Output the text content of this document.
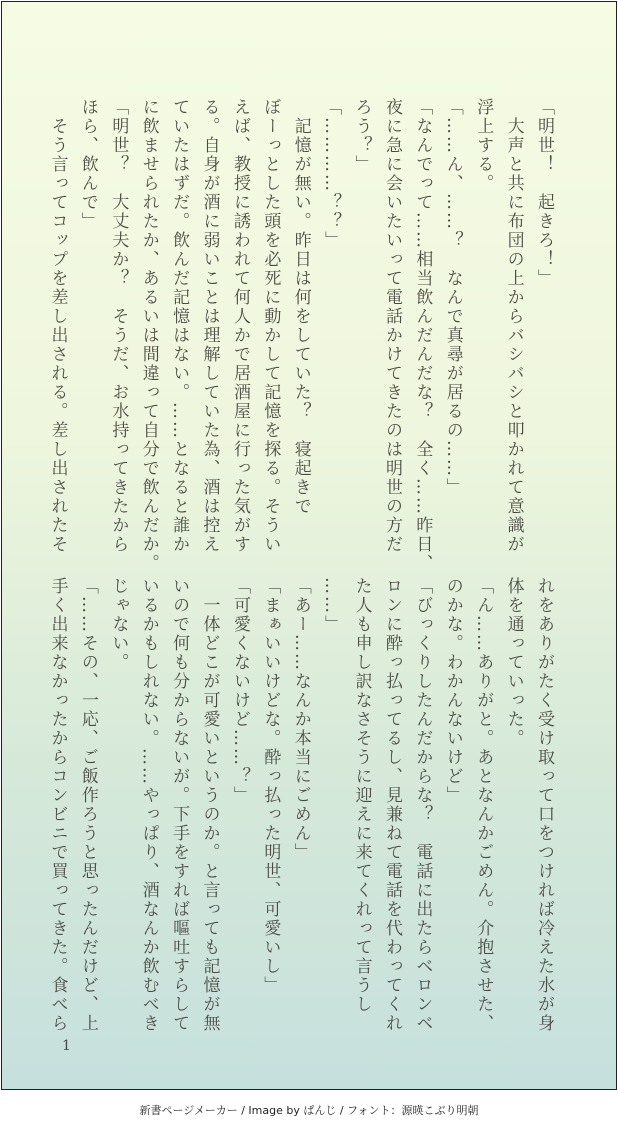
「明世！　起きろ！」

　大声と共に布団の上からバシバシと叩かれて意識が

浮上する。

「……ん、……？　なんで真尋が居るの……」

「なんでって……相当飲んだんだな？　全く……昨日、

夜に急に会いたいって電話かけてきたのは明世の方だ

ろう？」

「…………？？」

　記憶が無い。昨日は何をしていた？　寝起きで

ぼーっとした頭を必死に動かして記憶を探る。そうい

えば、教授に誘われて何人かで居酒屋に行った気がす

る。自身が酒に弱いことは理解していた為、酒は控え

ていたはずだ。飲んだ記憶はない。……となると誰か

に飲ませられたか、あるいは間違って自分で飲んだか。

「明世？　大丈夫か？　そうだ、お水持ってきたから

ほら、飲んで」

　そう言ってコップを差し出される。差し出されたそ

れをありがたく受け取って口をつければ冷えた水が身

体を通っていった。

「ん……ありがと。あとなんかごめん。介抱させた、

のかな。わかんないけど」

「びっくりしたんだからな？　電話に出たらベロンベ

ロンに酔っ払ってるし、見兼ねて電話を代わってくれ

た人も申し訳なさそうに迎えに来てくれって言うし

……」

「あー……なんか本当にごめん」

「まぁいいけどな。酔っ払った明世、可愛いし」

「可愛くないけど……？」

　一体どこが可愛いというのか。と言っても記憶が無

いので何も分からないが。下手をすれば嘔吐すらして

いるかもしれない。……やっぱり、酒なんか飲むべき

じゃない。

「……その、一応、ご飯作ろうと思ったんだけど、上

手く出来なかったからコンビニで買ってきた。食べら

1
新書ページメーカー / Image by ぱんじ / フォント：源暎こぶり明朝
